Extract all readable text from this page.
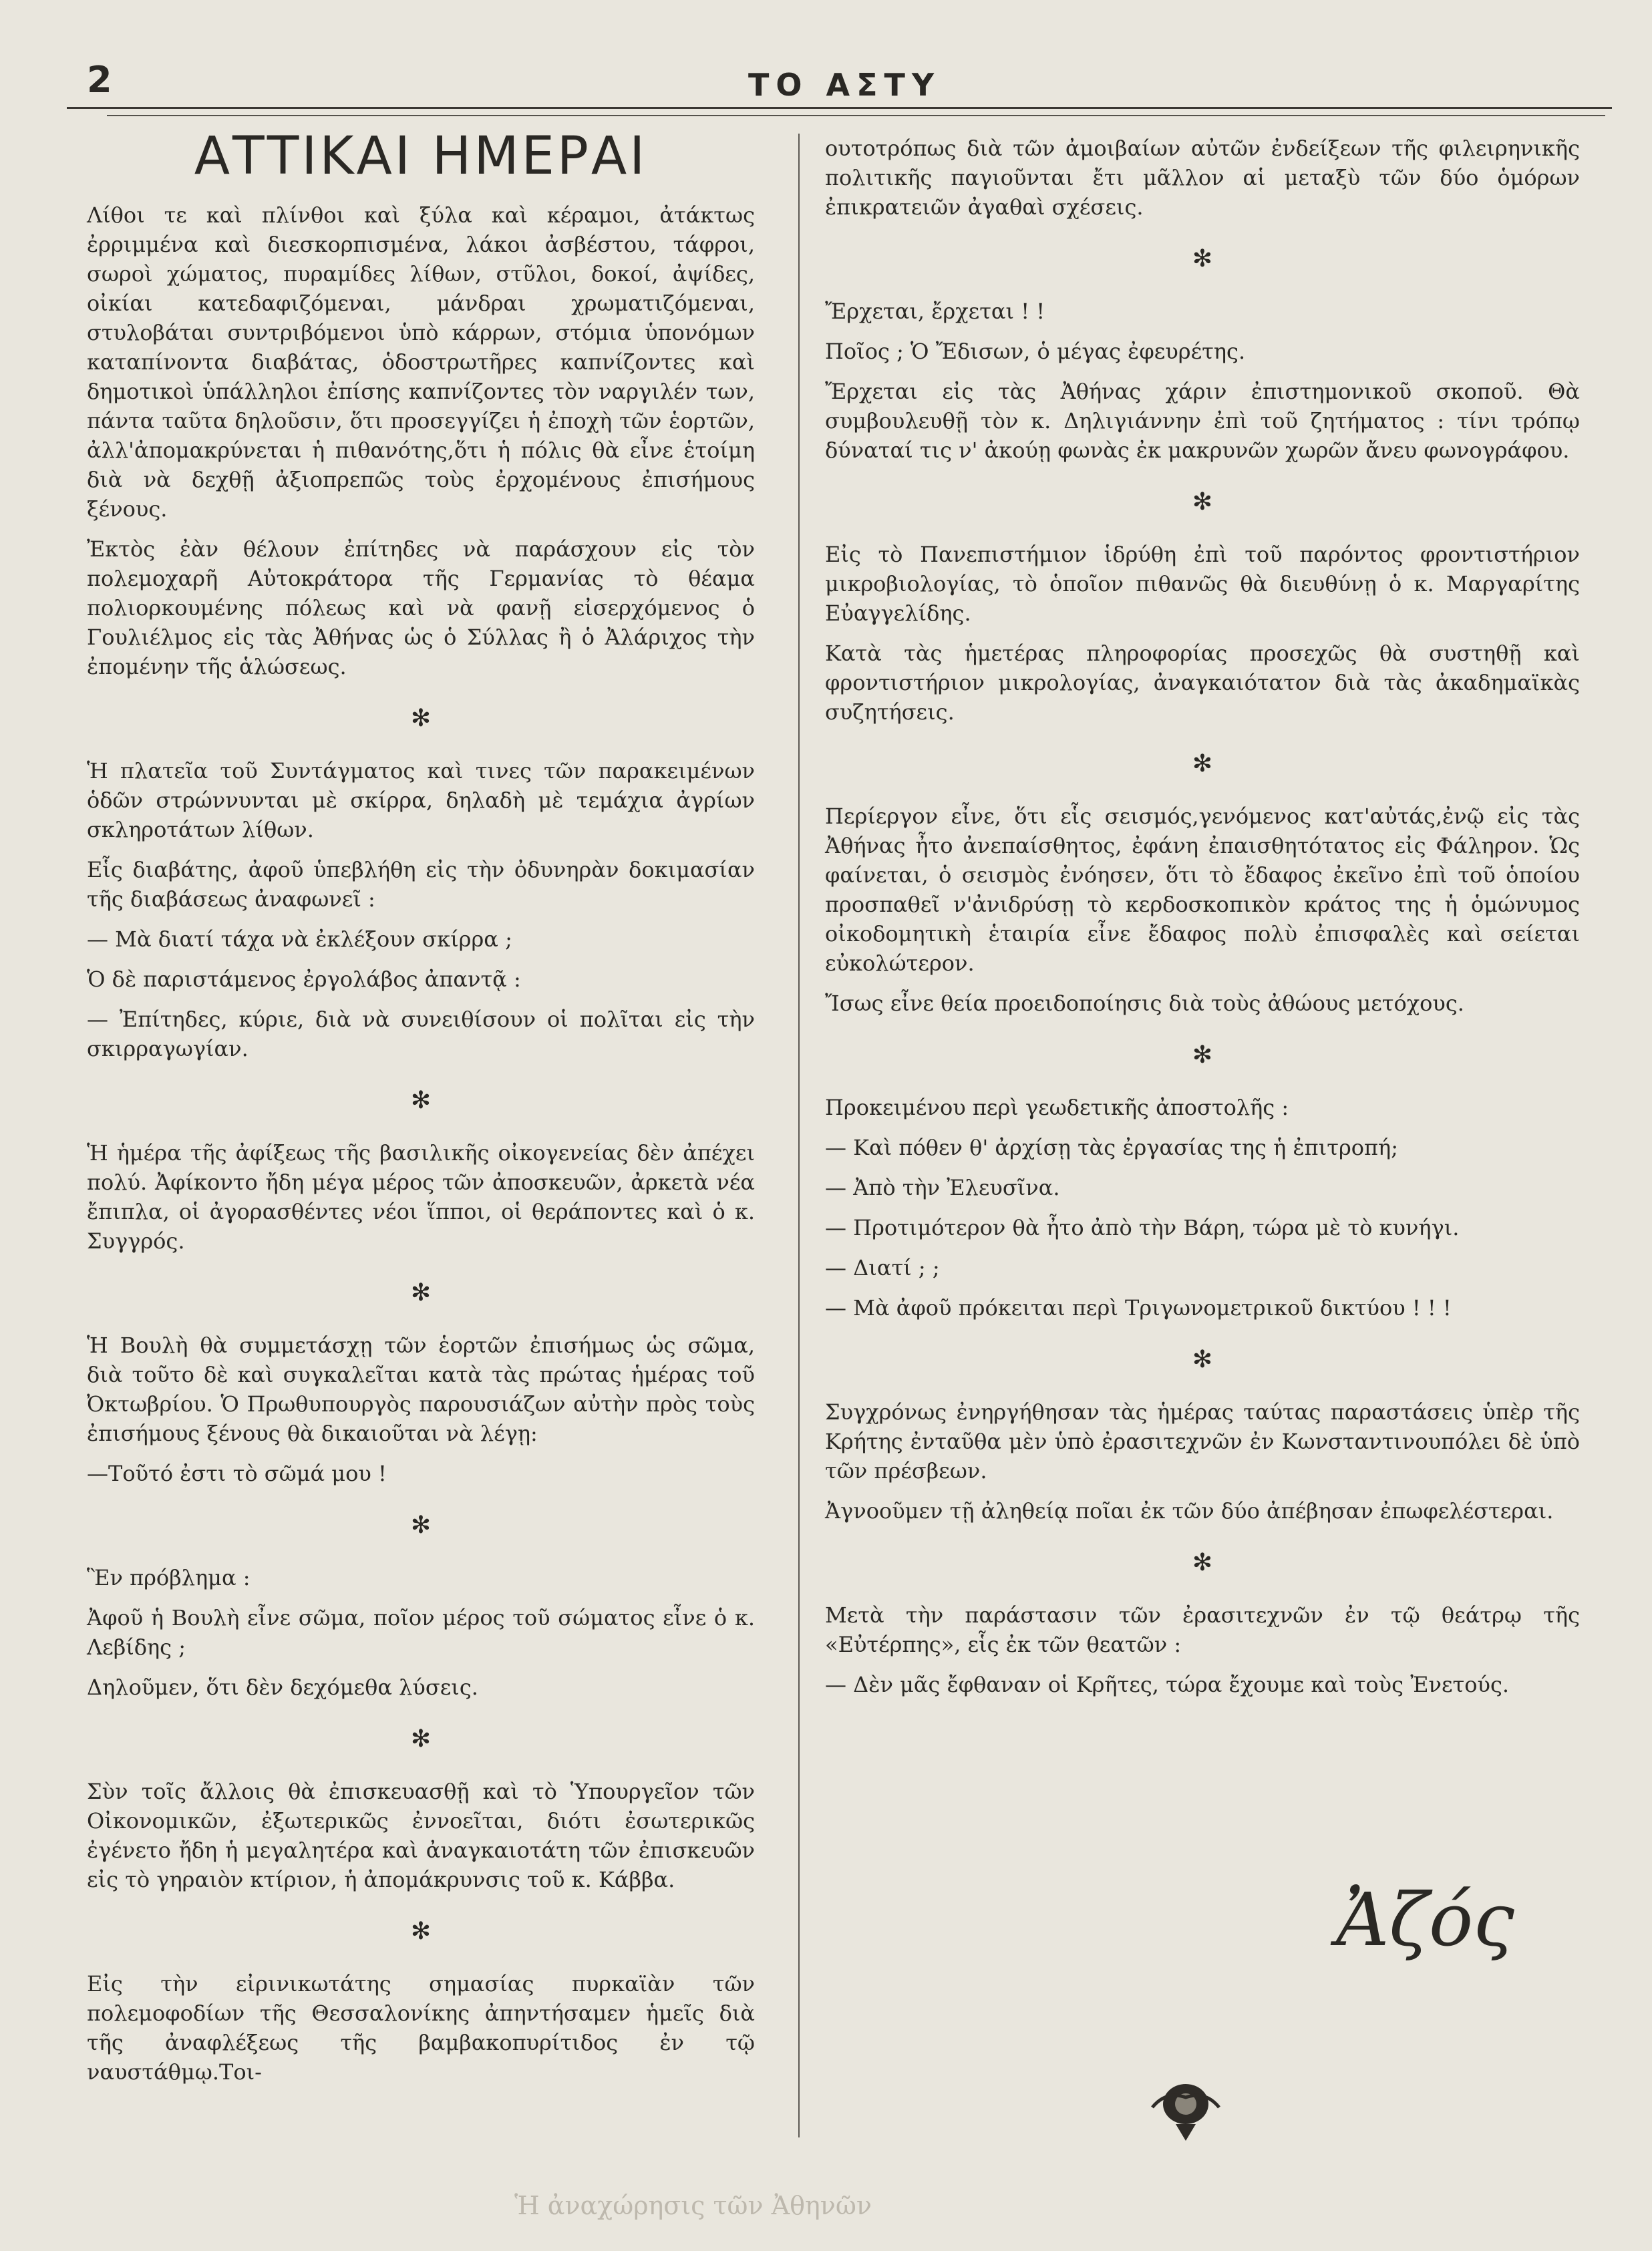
2	ΤΟ ΑΣΤΥ
ΑΤΤΙΚΑΙ ΗΜΕΡΑΙ

Λίθοι τε καὶ πλίνθοι καὶ ξύλα καὶ κέραμοι, ἀτάκτως ἐρριμμένα καὶ διεσκορπισμένα, λάκοι ἀσβέστου, τάφροι, σωροὶ χώματος, πυραμίδες λίθων, στῦλοι, δοκοί, ἀψίδες, οἰκίαι κατεδαφιζόμεναι, μάνδραι χρωματιζόμεναι, στυλοβάται συντριβόμενοι ὑπὸ κάρρων, στόμια ὑπονόμων καταπίνοντα διαβάτας, ὁδοστρωτῆρες καπνίζοντες καὶ δημοτικοὶ ὑπάλληλοι ἐπίσης καπνίζοντες τὸν ναργιλέν των, πάντα ταῦτα δηλοῦσιν, ὅτι προσεγγίζει ἡ ἐποχὴ τῶν ἑορτῶν, ἀλλ'ἀπομακρύνεται ἡ πιθανότης,ὅτι ἡ πόλις θὰ εἶνε ἑτοίμη διὰ νὰ δεχθῇ ἀξιοπρεπῶς τοὺς ἐρχομένους ἐπισήμους ξένους.

Ἐκτὸς ἐὰν θέλουν ἐπίτηδες νὰ παράσχουν εἰς τὸν πολεμοχαρῆ Αὐτοκράτορα τῆς Γερμανίας τὸ θέαμα πολιορκουμένης πόλεως καὶ νὰ φανῇ εἰσερχόμενος ὁ Γουλιέλμος εἰς τὰς Ἀθήνας ὡς ὁ Σύλλας ἢ ὁ Ἀλάριχος τὴν ἐπομένην τῆς ἁλώσεως.

✻

Ἡ πλατεῖα τοῦ Συντάγματος καὶ τινες τῶν παρακειμένων ὁδῶν στρώννυνται μὲ σκίρρα, δηλαδὴ μὲ τεμάχια ἀγρίων σκληροτάτων λίθων.

Εἷς διαβάτης, ἀφοῦ ὑπεβλήθη εἰς τὴν ὀδυνηρὰν δοκιμασίαν τῆς διαβάσεως ἀναφωνεῖ :

— Μὰ διατί τάχα νὰ ἐκλέξουν σκίρρα ;

Ὁ δὲ παριστάμενος ἐργολάβος ἀπαντᾷ :

— Ἐπίτηδες, κύριε, διὰ νὰ συνειθίσουν οἱ πολῖται εἰς τὴν σκιρραγωγίαν.

✻

Ἡ ἡμέρα τῆς ἀφίξεως τῆς βασιλικῆς οἰκογενείας δὲν ἀπέχει πολύ. Ἀφίκοντο ἤδη μέγα μέρος τῶν ἀποσκευῶν, ἀρκετὰ νέα ἔπιπλα, οἱ ἀγορασθέντες νέοι ἵπποι, οἱ θεράποντες καὶ ὁ κ. Συγγρός.

✻

Ἡ Βουλὴ θὰ συμμετάσχῃ τῶν ἑορτῶν ἐπισήμως ὡς σῶμα, διὰ τοῦτο δὲ καὶ συγκαλεῖται κατὰ τὰς πρώτας ἡμέρας τοῦ Ὀκτωβρίου. Ὁ Πρωθυπουργὸς παρουσιάζων αὐτὴν πρὸς τοὺς ἐπισήμους ξένους θὰ δικαιοῦται νὰ λέγῃ:

—Τοῦτό ἐστι τὸ σῶμά μου !

✻

Ἓν πρόβλημα :

Ἀφοῦ ἡ Βουλὴ εἶνε σῶμα, ποῖον μέρος τοῦ σώματος εἶνε ὁ κ. Λεβίδης ;

Δηλοῦμεν, ὅτι δὲν δεχόμεθα λύσεις.

✻

Σὺν τοῖς ἄλλοις θὰ ἐπισκευασθῇ καὶ τὸ Ὑπουργεῖον τῶν Οἰκονομικῶν, ἐξωτερικῶς ἐννοεῖται, διότι ἐσωτερικῶς ἐγένετο ἤδη ἡ μεγαλητέρα καὶ ἀναγκαιοτάτη τῶν ἐπισκευῶν εἰς τὸ γηραιὸν κτίριον, ἡ ἀπομάκρυνσις τοῦ κ. Κάββα.

✻

Εἰς τὴν εἰρινικωτάτης σημασίας πυρκαϊὰν τῶν πολεμοφοδίων τῆς Θεσσαλονίκης ἀπηντήσαμεν ἡμεῖς διὰ τῆς ἀναφλέξεως τῆς βαμβακοπυρίτιδος ἐν τῷ ναυστάθμῳ.Τοι-

ουτοτρόπως διὰ τῶν ἀμοιβαίων αὐτῶν ἐνδείξεων τῆς φιλειρηνικῆς πολιτικῆς παγιοῦνται ἔτι μᾶλλον αἱ μεταξὺ τῶν δύο ὁμόρων ἐπικρατειῶν ἀγαθαὶ σχέσεις.

✻

Ἔρχεται, ἔρχεται ! !

Ποῖος ; Ὁ Ἔδισων, ὁ μέγας ἐφευρέτης.

Ἔρχεται εἰς τὰς Ἀθήνας χάριν ἐπιστημονικοῦ σκοποῦ. Θὰ συμβουλευθῇ τὸν κ. Δηλιγιάννην ἐπὶ τοῦ ζητήματος : τίνι τρόπῳ δύναταί τις ν' ἀκούῃ φωνὰς ἐκ μακρυνῶν χωρῶν ἄνευ φωνογράφου.

✻

Εἰς τὸ Πανεπιστήμιον ἱδρύθη ἐπὶ τοῦ παρόντος φροντιστήριον μικροβιολογίας, τὸ ὁποῖον πιθανῶς θὰ διευθύνῃ ὁ κ. Μαργαρίτης Εὐαγγελίδης.

Κατὰ τὰς ἡμετέρας πληροφορίας προσεχῶς θὰ συστηθῇ καὶ φροντιστήριον μικρολογίας, ἀναγκαιότατον διὰ τὰς ἀκαδημαϊκὰς συζητήσεις.

✻

Περίεργον εἶνε, ὅτι εἷς σεισμός,γενόμενος κατ'αὐτάς,ἐνῷ εἰς τὰς Ἀθήνας ἦτο ἀνεπαίσθητος, ἐφάνη ἐπαισθητότατος εἰς Φάληρον. Ὡς φαίνεται, ὁ σεισμὸς ἐνόησεν, ὅτι τὸ ἔδαφος ἐκεῖνο ἐπὶ τοῦ ὁποίου προσπαθεῖ ν'ἀνιδρύσῃ τὸ κερδοσκοπικὸν κράτος της ἡ ὁμώνυμος οἰκοδομητικὴ ἑταιρία εἶνε ἔδαφος πολὺ ἐπισφαλὲς καὶ σείεται εὐκολώτερον.

Ἴσως εἶνε θεία προειδοποίησις διὰ τοὺς ἀθώους μετόχους.

✻

Προκειμένου περὶ γεωδετικῆς ἀποστολῆς :

— Καὶ πόθεν θ' ἀρχίσῃ τὰς ἐργασίας της ἡ ἐπιτροπή;

— Ἀπὸ τὴν Ἐλευσῖνα.

— Προτιμότερον θὰ ἦτο ἀπὸ τὴν Βάρη, τώρα μὲ τὸ κυνήγι.

— Διατί ; ;

— Μὰ ἀφοῦ πρόκειται περὶ Τριγωνομετρικοῦ δικτύου ! ! !

✻

Συγχρόνως ἐνηργήθησαν τὰς ἡμέρας ταύτας παραστάσεις ὑπὲρ τῆς Κρήτης ἐνταῦθα μὲν ὑπὸ ἐρασιτεχνῶν ἐν Κωνσταντινουπόλει δὲ ὑπὸ τῶν πρέσβεων.

Ἀγνοοῦμεν τῇ ἀληθείᾳ ποῖαι ἐκ τῶν δύο ἀπέβησαν ἐπωφελέστεραι.

✻

Μετὰ τὴν παράστασιν τῶν ἐρασιτεχνῶν ἐν τῷ θεάτρῳ τῆς «Εὐτέρπης», εἷς ἐκ τῶν θεατῶν :

— Δὲν μᾶς ἔφθαναν οἱ Κρῆτες, τώρα ἔχουμε καὶ τοὺς Ἐνετούς.

Ἀζός
Ἡ ἀναχώρησις τῶν Ἀθηνῶν
